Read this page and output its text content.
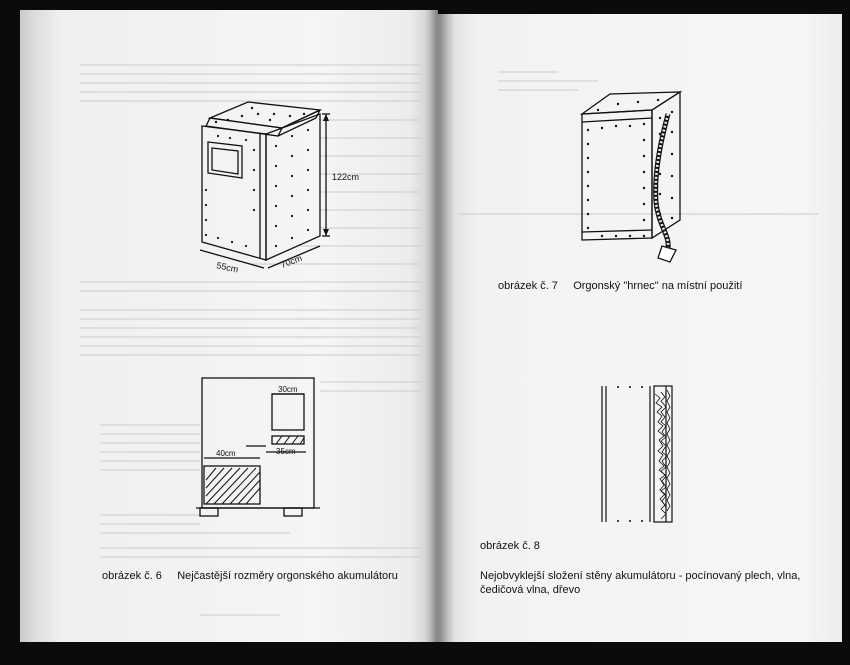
122cm
55cm	70cm
30cm
35cm
40cm
obrázek č. 6 Nejčastější rozměry orgonského akumulátoru
obrázek č. 7 Orgonský "hrnec" na místní použití
obrázek č. 8
Nejobvyklejší složení stěny akumulátoru - pocínovaný plech, vlna, čedičová vlna, dřevo
